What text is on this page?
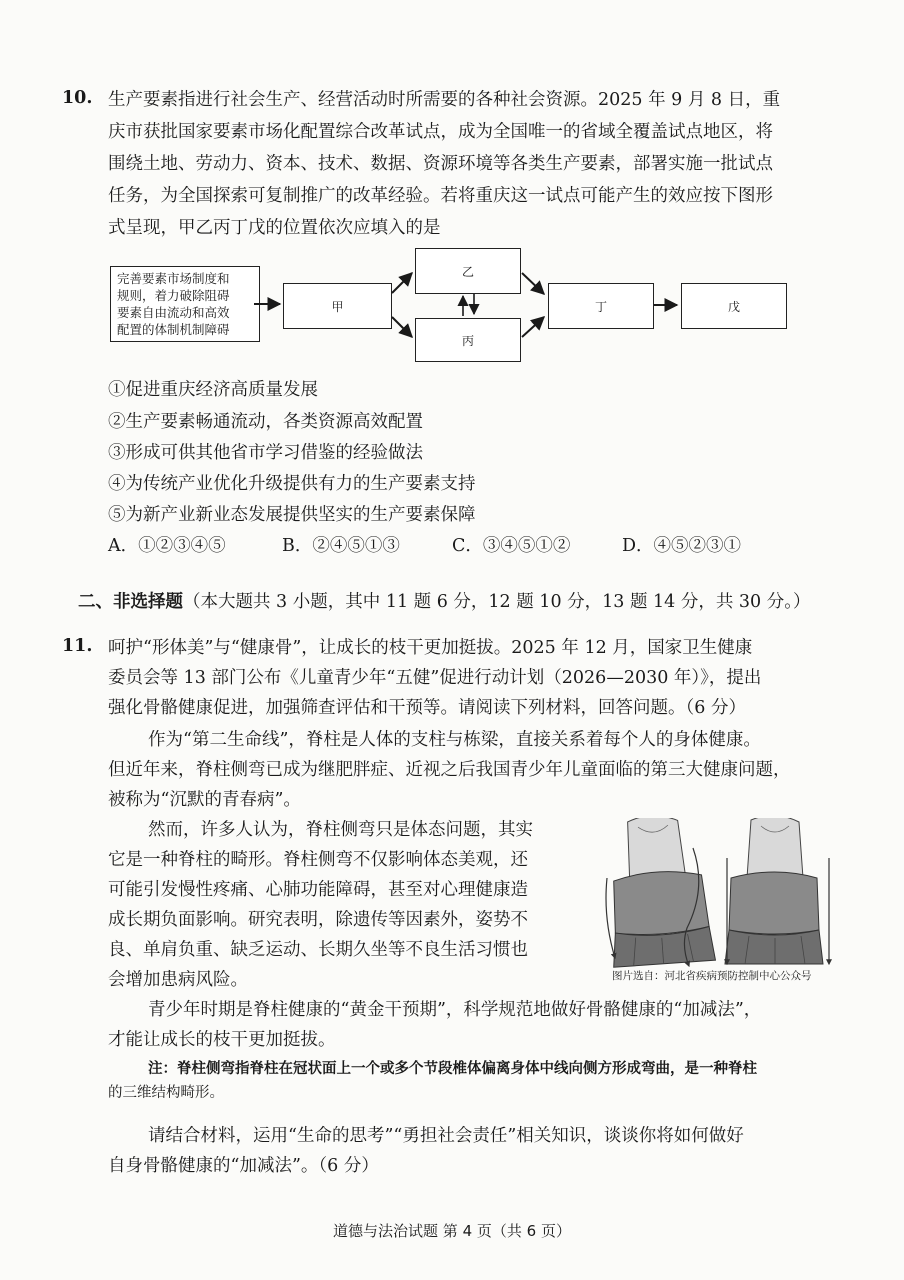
10. 生产要素指进行社会生产、经营活动时所需要的各种社会资源。2025 年 9 月 8 日，重
庆市获批国家要素市场化配置综合改革试点，成为全国唯一的省域全覆盖试点地区，将
围绕土地、劳动力、资本、技术、数据、资源环境等各类生产要素，部署实施一批试点
任务，为全国探索可复制推广的改革经验。若将重庆这一试点可能产生的效应按下图形
式呈现，甲乙丙丁戊的位置依次应填入的是
完善要素市场制度和
规则，着力破除阻碍
要素自由流动和高效
配置的体制机制障碍
甲
乙
丙
丁	戊
①促进重庆经济高质量发展
②生产要素畅通流动，各类资源高效配置
③形成可供其他省市学习借鉴的经验做法
④为传统产业优化升级提供有力的生产要素支持
⑤为新产业新业态发展提供坚实的生产要素保障
A．①②③④⑤	B．②④⑤①③	C．③④⑤①②	D．④⑤②③①
二、非选择题（本大题共 3 小题，其中 11 题 6 分，12 题 10 分，13 题 14 分，共 30 分。）
11. 呵护“形体美”与“健康骨”，让成长的枝干更加挺拔。2025 年 12 月，国家卫生健康
委员会等 13 部门公布《儿童青少年“五健”促进行动计划（2026—2030 年）》，提出
强化骨骼健康促进，加强筛查评估和干预等。请阅读下列材料，回答问题。（6 分）
作为“第二生命线”，脊柱是人体的支柱与栋梁，直接关系着每个人的身体健康。
但近年来，脊柱侧弯已成为继肥胖症、近视之后我国青少年儿童面临的第三大健康问题，
被称为“沉默的青春病”。
然而，许多人认为，脊柱侧弯只是体态问题，其实
它是一种脊柱的畸形。脊柱侧弯不仅影响体态美观，还
可能引发慢性疼痛、心肺功能障碍，甚至对心理健康造
成长期负面影响。研究表明，除遗传等因素外，姿势不
良、单肩负重、缺乏运动、长期久坐等不良生活习惯也
会增加患病风险。	图片选自：河北省疾病预防控制中心公众号
青少年时期是脊柱健康的“黄金干预期”，科学规范地做好骨骼健康的“加减法”，
才能让成长的枝干更加挺拔。
注：脊柱侧弯指脊柱在冠状面上一个或多个节段椎体偏离身体中线向侧方形成弯曲，是一种脊柱
的三维结构畸形。
请结合材料，运用“生命的思考”“勇担社会责任”相关知识，谈谈你将如何做好
自身骨骼健康的“加减法”。（6 分）
道德与法治试题 第 4 页（共 6 页）
